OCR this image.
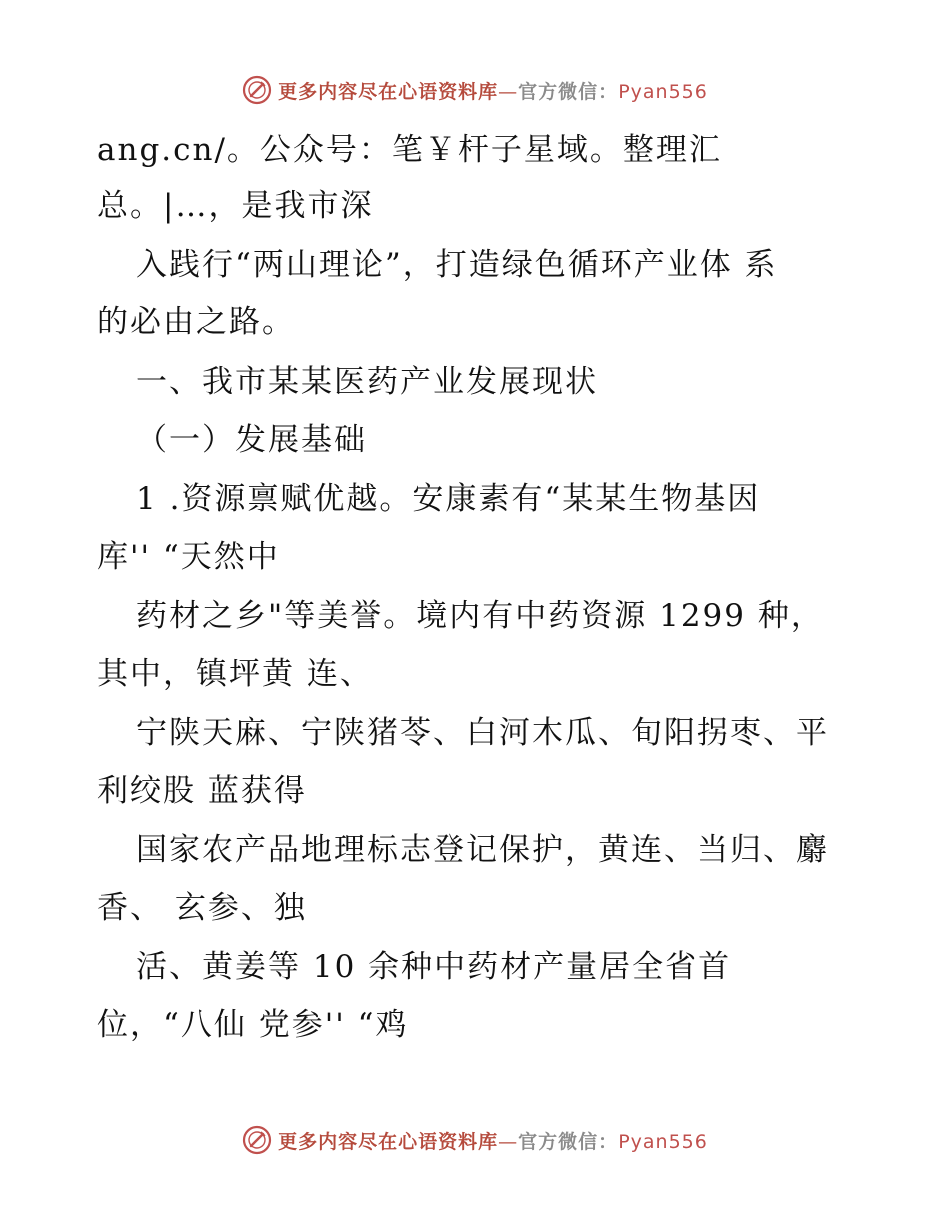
更多内容尽在心语资料库—官方微信：Pyan556
ang.cn/。公众号：笔￥杆子星域。整理汇
总。|…，是我市深
入践行“两山理论”，打造绿色循环产业体 系
的必由之路。
一、我市某某医药产业发展现状
（一）发展基础
1 .资源禀赋优越。安康素有“某某生物基因
库'' “天然中
药材之乡"等美誉。境内有中药资源 1299 种，
其中，镇坪黄 连、
宁陕天麻、宁陕猪苓、白河木瓜、旬阳拐枣、平
利绞股 蓝获得
国家农产品地理标志登记保护，黄连、当归、麝
香、 玄参、独
活、黄姜等 10 余种中药材产量居全省首
位，“八仙 党参'' “鸡
更多内容尽在心语资料库—官方微信：Pyan556
